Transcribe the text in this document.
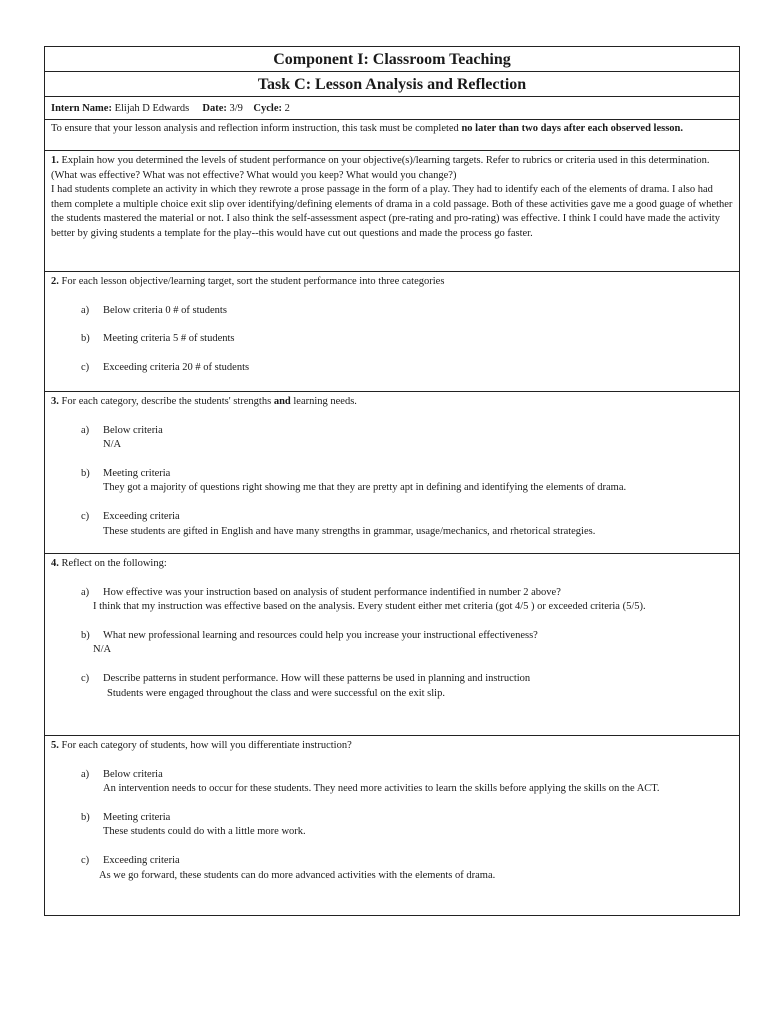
Component I: Classroom Teaching
Task C: Lesson Analysis and Reflection
Intern Name: Elijah D Edwards Date: 3/9 Cycle: 2
To ensure that your lesson analysis and reflection inform instruction, this task must be completed no later than two days after each observed lesson.
1. Explain how you determined the levels of student performance on your objective(s)/learning targets. Refer to rubrics or criteria used in this determination. (What was effective? What was not effective? What would you keep? What would you change?)
I had students complete an activity in which they rewrote a prose passage in the form of a play. They had to identify each of the elements of drama. I also had them complete a multiple choice exit slip over identifying/defining elements of drama in a cold passage. Both of these activities gave me a good guage of whether the students mastered the material or not. I also think the self-assessment aspect (pre-rating and pro-rating) was effective. I think I could have made the activity better by giving students a template for the play--this would have cut out questions and made the process go faster.
2. For each lesson objective/learning target, sort the student performance into three categories
a) Below criteria 0 # of students
b) Meeting criteria 5 # of students
c) Exceeding criteria 20 # of students
3. For each category, describe the students' strengths and learning needs.
a) Below criteria
N/A
b) Meeting criteria
They got a majority of questions right showing me that they are pretty apt in defining and identifying the elements of drama.
c) Exceeding criteria
These students are gifted in English and have many strengths in grammar, usage/mechanics, and rhetorical strategies.
4. Reflect on the following:
a) How effective was your instruction based on analysis of student performance indentified in number 2 above?
I think that my instruction was effective based on the analysis. Every student either met criteria (got 4/5 ) or exceeded criteria (5/5).
b) What new professional learning and resources could help you increase your instructional effectiveness?
N/A
c) Describe patterns in student performance. How will these patterns be used in planning and instruction
Students were engaged throughout the class and were successful on the exit slip.
5. For each category of students, how will you differentiate instruction?
a) Below criteria
An intervention needs to occur for these students. They need more activities to learn the skills before applying the skills on the ACT.
b) Meeting criteria
These students could do with a little more work.
c) Exceeding criteria
As we go forward, these students can do more advanced activities with the elements of drama.
